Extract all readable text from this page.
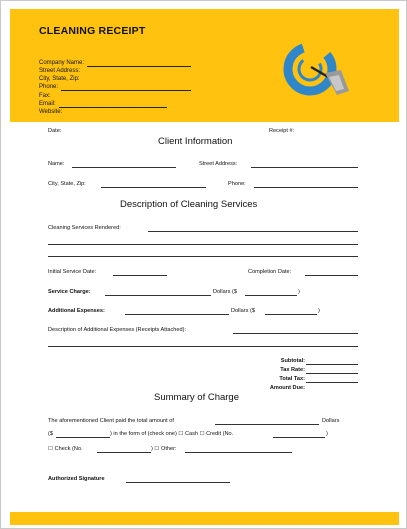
CLEANING RECEIPT
Company Name:
Street Address:
City, State, Zip:
Phone:
Fax:
Email:
Website:
Date:	Receipt #:
Client Information
Name:	Street Address:
City, State, Zip:	Phone:
Description of Cleaning Services
Cleaning Services Rendered:
Initial Service Date:	Completion Date:
Service Charge:	Dollars ($	)
Additional Expenses:	Dollars ($	)
Description of Additional Expenses (Receipts Attached):
Subtotal:
Tax Rate:
Total Tax:
Amount Due:
Summary of Charge
The aforementioned Client paid the total amount of	Dollars
($	) in the form of (check one) ☐ Cash ☐ Credit (No.	)
☐ Check (No.	) ☐ Other:
Authorized Signature
